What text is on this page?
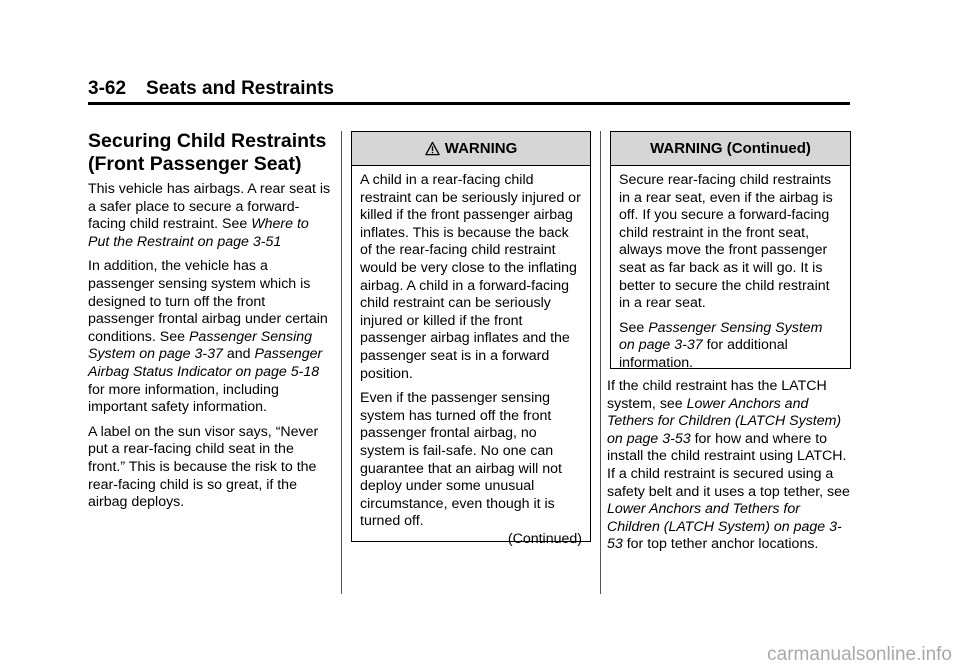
3-62 Seats and Restraints
Securing Child Restraints (Front Passenger Seat)

This vehicle has airbags. A rear seat is a safer place to secure a forward-facing child restraint. See Where to Put the Restraint on page 3-51

In addition, the vehicle has a passenger sensing system which is designed to turn off the front passenger frontal airbag under certain conditions. See Passenger Sensing System on page 3-37 and Passenger Airbag Status Indicator on page 5-18 for more information, including important safety information.

A label on the sun visor says, “Never put a rear-facing child seat in the front.” This is because the risk to the rear-facing child is so great, if the airbag deploys.

WARNING

A child in a rear-facing child restraint can be seriously injured or killed if the front passenger airbag inflates. This is because the back of the rear-facing child restraint would be very close to the inflating airbag. A child in a forward-facing child restraint can be seriously injured or killed if the front passenger airbag inflates and the passenger seat is in a forward position.

Even if the passenger sensing system has turned off the front passenger frontal airbag, no system is fail-safe. No one can guarantee that an airbag will not deploy under some unusual circumstance, even though it is turned off.

(Continued)

WARNING (Continued)

Secure rear-facing child restraints in a rear seat, even if the airbag is off. If you secure a forward-facing child restraint in the front seat, always move the front passenger seat as far back as it will go. It is better to secure the child restraint in a rear seat.

See Passenger Sensing System on page 3-37 for additional information.

If the child restraint has the LATCH system, see Lower Anchors and Tethers for Children (LATCH System) on page 3-53 for how and where to install the child restraint using LATCH. If a child restraint is secured using a safety belt and it uses a top tether, see Lower Anchors and Tethers for Children (LATCH System) on page 3-53 for top tether anchor locations.

carmanualsonline.info
